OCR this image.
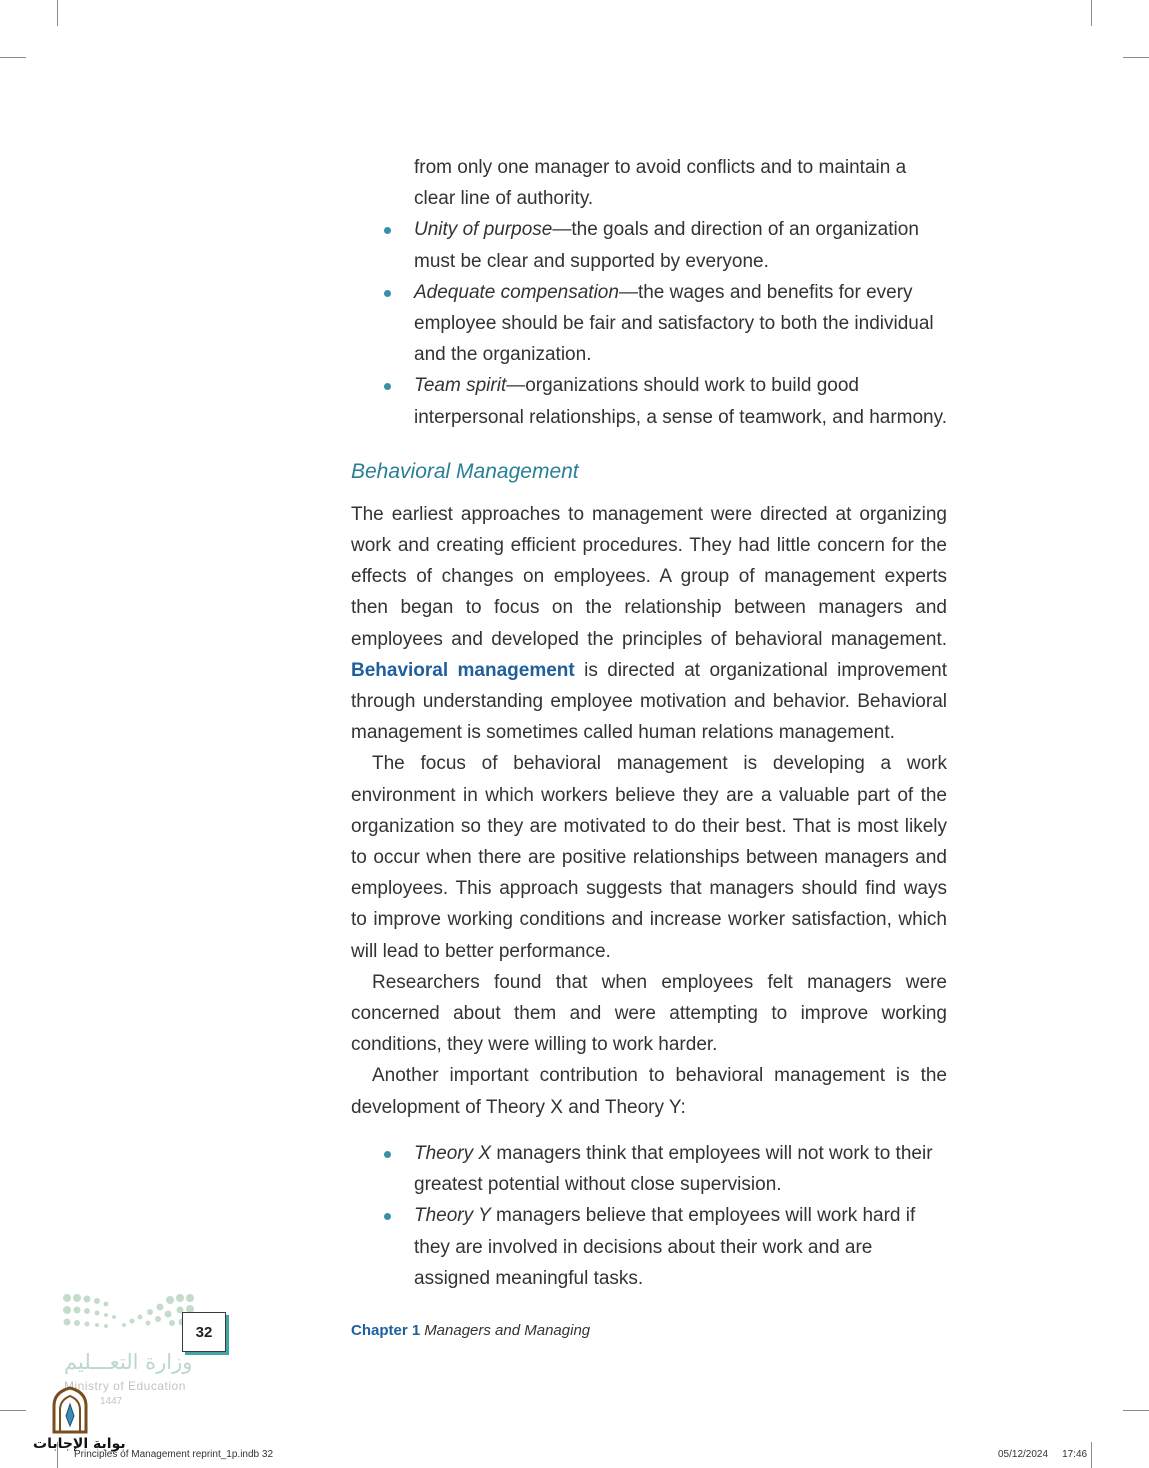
from only one manager to avoid conflicts and to maintain a
clear line of authority.
Unity of purpose—the goals and direction of an organization must be clear and supported by everyone.
Adequate compensation—the wages and benefits for every employee should be fair and satisfactory to both the individual and the organization.
Team spirit—organizations should work to build good interpersonal relationships, a sense of teamwork, and harmony.
Behavioral Management

The earliest approaches to management were directed at organizing work and creating efficient procedures. They had little concern for the effects of changes on employees. A group of management experts then began to focus on the relationship between managers and employees and developed the principles of behavioral management. Behavioral management is directed at organizational improvement through understanding employee motivation and behavior. Behavioral management is sometimes called human relations management.

The focus of behavioral management is developing a work environment in which workers believe they are a valuable part of the organization so they are motivated to do their best. That is most likely to occur when there are positive relationships between managers and employees. This approach suggests that managers should find ways to improve working conditions and increase worker satisfaction, which will lead to better performance.

Researchers found that when employees felt managers were concerned about them and were attempting to improve working conditions, they were willing to work harder.

Another important contribution to behavioral management is the development of Theory X and Theory Y:

Theory X managers think that employees will not work to their greatest potential without close supervision.
Theory Y managers believe that employees will work hard if they are involved in decisions about their work and are assigned meaningful tasks.
32	Chapter 1 Managers and Managing
وزارة التعـــليم
Ministry of Education
1447
بوابة الإجابات
Principles of Management reprint_1p.indb 32	05/12/2024 17:46
